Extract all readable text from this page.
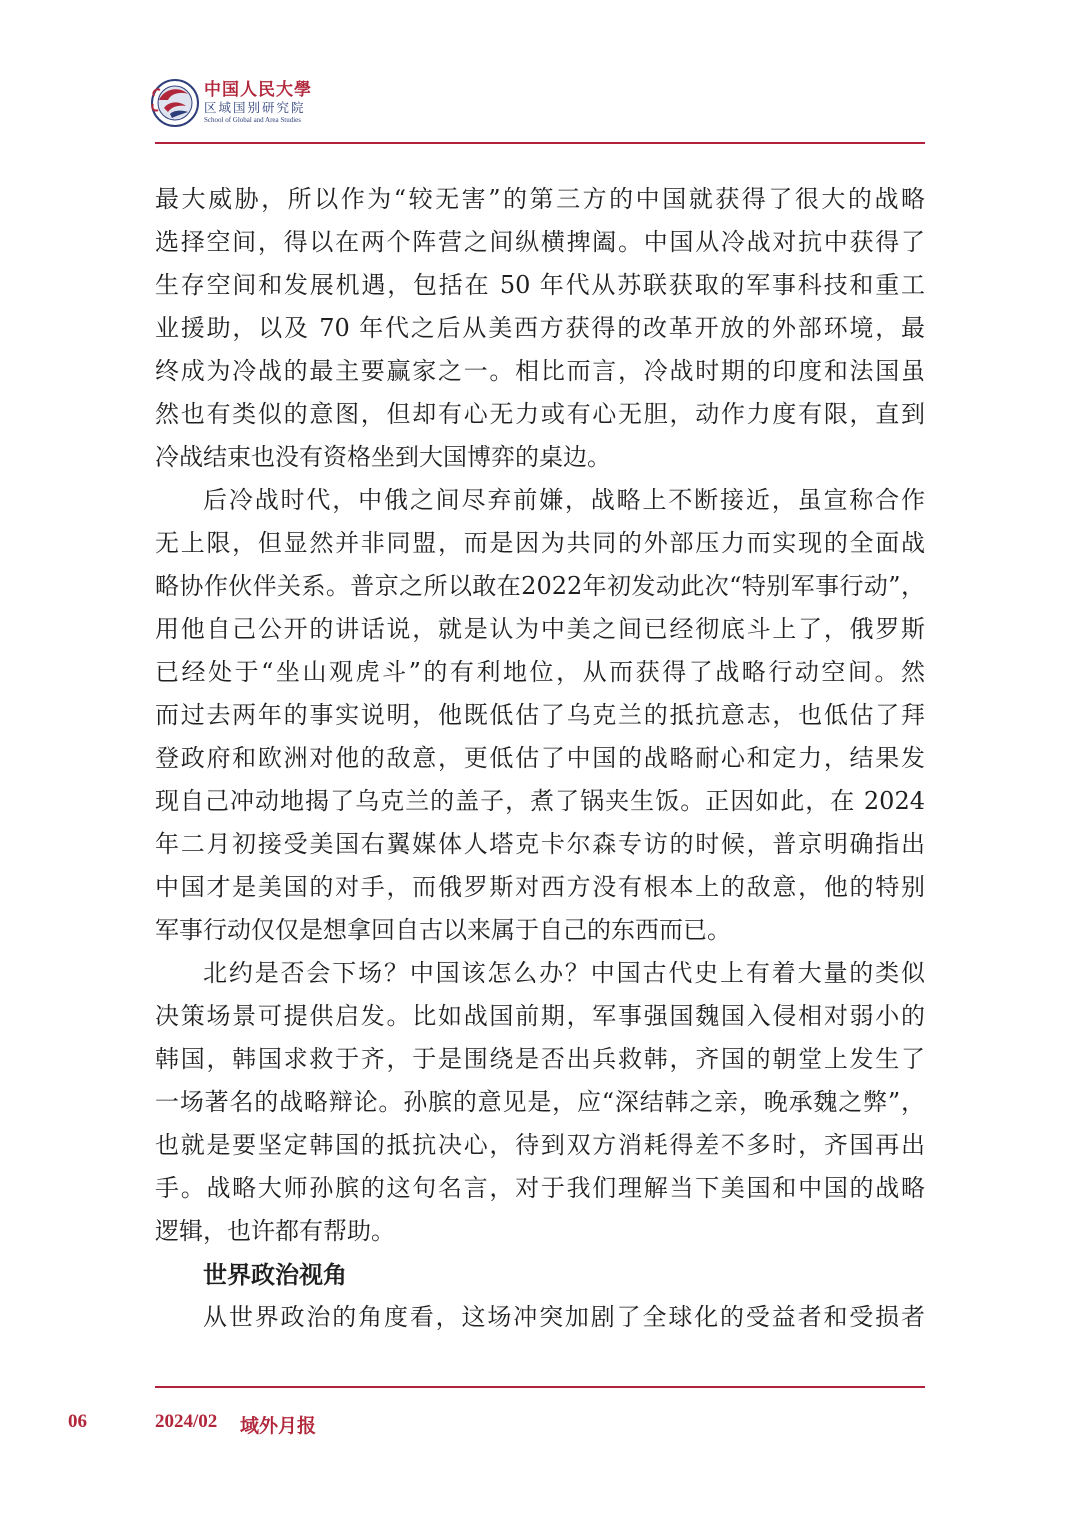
中国人民大學
区域国别研究院
School of Global and Area Studies

最大威胁，所以作为“较无害”的第三方的中国就获得了很大的战略

选择空间，得以在两个阵营之间纵横捭阖。中国从冷战对抗中获得了

生存空间和发展机遇，包括在 50 年代从苏联获取的军事科技和重工

业援助，以及 70 年代之后从美西方获得的改革开放的外部环境，最

终成为冷战的最主要赢家之一。相比而言，冷战时期的印度和法国虽

然也有类似的意图，但却有心无力或有心无胆，动作力度有限，直到

冷战结束也没有资格坐到大国博弈的桌边。

后冷战时代，中俄之间尽弃前嫌，战略上不断接近，虽宣称合作

无上限，但显然并非同盟，而是因为共同的外部压力而实现的全面战

略协作伙伴关系。普京之所以敢在2022年初发动此次“特别军事行动”，

用他自己公开的讲话说，就是认为中美之间已经彻底斗上了，俄罗斯

已经处于“坐山观虎斗”的有利地位，从而获得了战略行动空间。然

而过去两年的事实说明，他既低估了乌克兰的抵抗意志，也低估了拜

登政府和欧洲对他的敌意，更低估了中国的战略耐心和定力，结果发

现自己冲动地揭了乌克兰的盖子，煮了锅夹生饭。正因如此，在 2024

年二月初接受美国右翼媒体人塔克卡尔森专访的时候，普京明确指出

中国才是美国的对手，而俄罗斯对西方没有根本上的敌意，他的特别

军事行动仅仅是想拿回自古以来属于自己的东西而已。

北约是否会下场？中国该怎么办？中国古代史上有着大量的类似

决策场景可提供启发。比如战国前期，军事强国魏国入侵相对弱小的

韩国，韩国求救于齐，于是围绕是否出兵救韩，齐国的朝堂上发生了

一场著名的战略辩论。孙膑的意见是，应“深结韩之亲，晚承魏之弊”，

也就是要坚定韩国的抵抗决心，待到双方消耗得差不多时，齐国再出

手。战略大师孙膑的这句名言，对于我们理解当下美国和中国的战略

逻辑，也许都有帮助。

世界政治视角

从世界政治的角度看，这场冲突加剧了全球化的受益者和受损者

06	2024/02 域外月报
